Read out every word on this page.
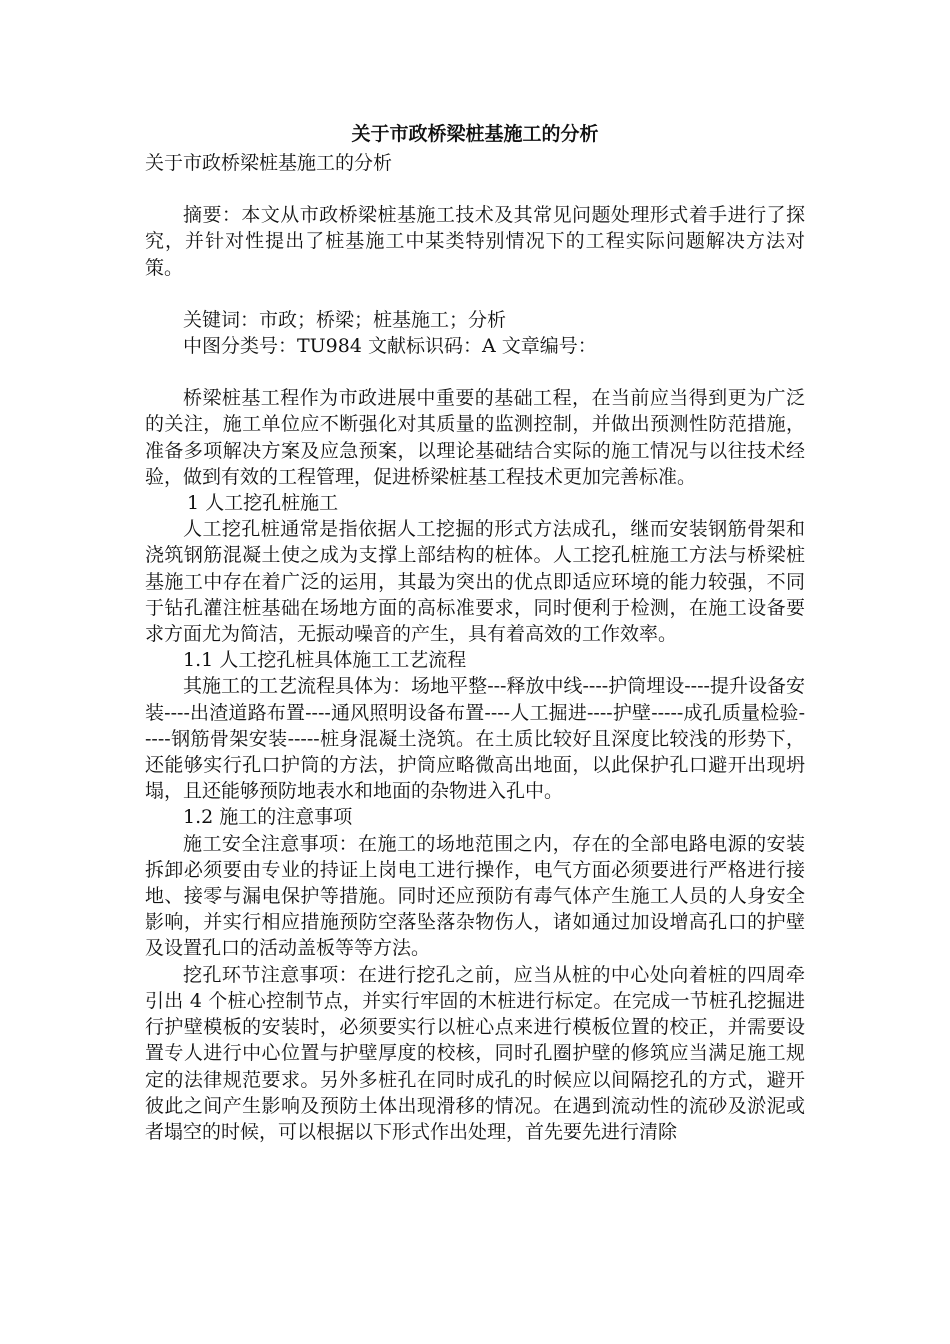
关于市政桥梁桩基施工的分析

关于市政桥梁桩基施工的分析

摘要：本文从市政桥梁桩基施工技术及其常见问题处理形式着手进行了探究，并针对性提出了桩基施工中某类特别情况下的工程实际问题解决方法对策。

关键词：市政；桥梁；桩基施工；分析

中图分类号：TU984 文献标识码：A 文章编号：

桥梁桩基工程作为市政进展中重要的基础工程，在当前应当得到更为广泛的关注，施工单位应不断强化对其质量的监测控制，并做出预测性防范措施，准备多项解决方案及应急预案，以理论基础结合实际的施工情况与以往技术经验，做到有效的工程管理，促进桥梁桩基工程技术更加完善标准。

1 人工挖孔桩施工

人工挖孔桩通常是指依据人工挖掘的形式方法成孔，继而安装钢筋骨架和浇筑钢筋混凝土使之成为支撑上部结构的桩体。人工挖孔桩施工方法与桥梁桩基施工中存在着广泛的运用，其最为突出的优点即适应环境的能力较强，不同于钻孔灌注桩基础在场地方面的高标准要求，同时便利于检测，在施工设备要求方面尤为简洁，无振动噪音的产生，具有着高效的工作效率。

1.1 人工挖孔桩具体施工工艺流程

其施工的工艺流程具体为：场地平整---释放中线----护筒埋设----提升设备安装----出渣道路布置----通风照明设备布置----人工掘进----护壁-----成孔质量检验-----钢筋骨架安装-----桩身混凝土浇筑。在土质比较好且深度比较浅的形势下，还能够实行孔口护筒的方法，护筒应略微高出地面，以此保护孔口避开出现坍塌，且还能够预防地表水和地面的杂物进入孔中。

1.2 施工的注意事项

施工安全注意事项：在施工的场地范围之内，存在的全部电路电源的安装拆卸必须要由专业的持证上岗电工进行操作，电气方面必须要进行严格进行接地、接零与漏电保护等措施。同时还应预防有毒气体产生施工人员的人身安全影响，并实行相应措施预防空落坠落杂物伤人，诸如通过加设增高孔口的护壁及设置孔口的活动盖板等等方法。

挖孔环节注意事项：在进行挖孔之前，应当从桩的中心处向着桩的四周牵引出 4 个桩心控制节点，并实行牢固的木桩进行标定。在完成一节桩孔挖掘进行护壁模板的安装时，必须要实行以桩心点来进行模板位置的校正，并需要设置专人进行中心位置与护壁厚度的校核，同时孔圈护壁的修筑应当满足施工规定的法律规范要求。另外多桩孔在同时成孔的时候应以间隔挖孔的方式，避开彼此之间产生影响及预防土体出现滑移的情况。在遇到流动性的流砂及淤泥或者塌空的时候，可以根据以下形式作出处理，首先要先进行清除
